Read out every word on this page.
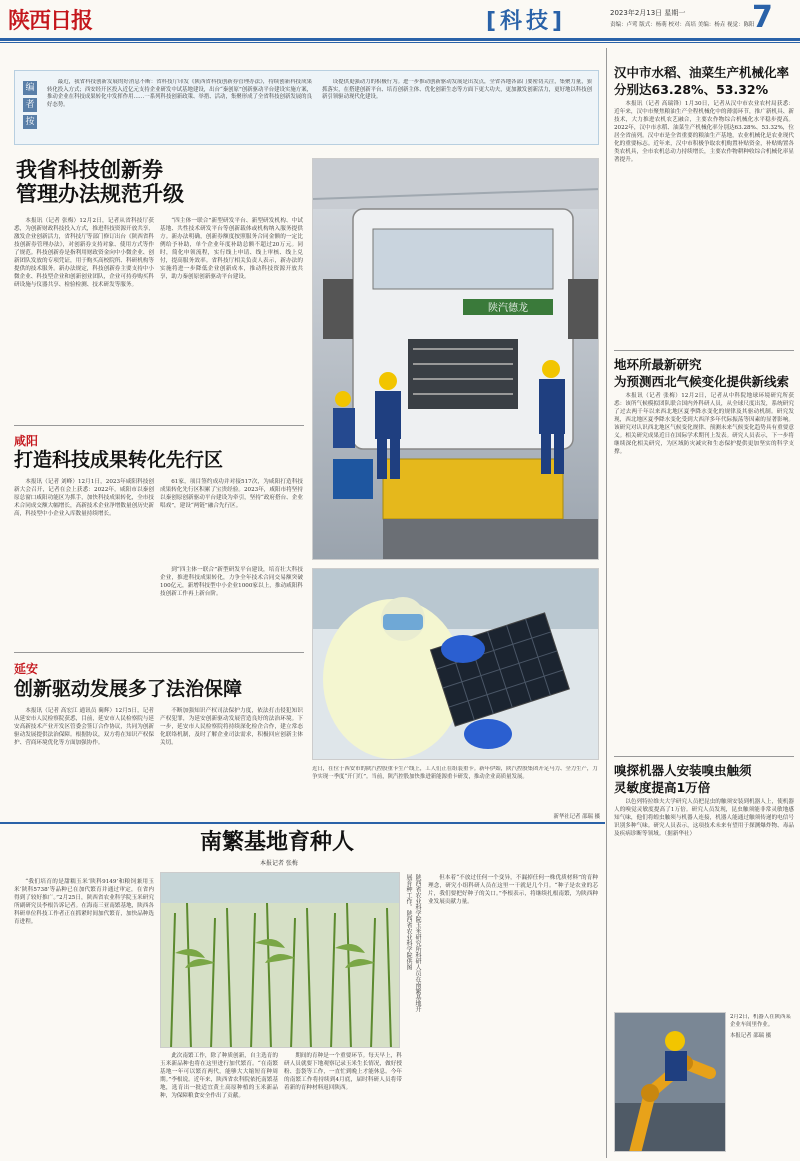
陕西日报	[科技]	2023年2月13日 星期一
责编：卢莺 版式：杨萌 校对：高培 美编：杨垚 视觉：陈阳
7
编
者
按

最近，我省科技创新发展的好消息不断：省科技厅印发《陕西省科技创新券管理办法》，持续创新科技成果转化投入方式；西安经开区投入近亿元支持企业研发中试基地建设，出台“秦创原”创新驱动平台建设实施方案，推动企业在科技成果转化中发挥作用……一系列科技创新政策、举措、活动，集聚形成了全省科技创新发展的良好态势。

设提供更强动力的积极行为。进一步推动创新驱动发展是出发点，全省各地各部门要密切关注，集聚力量，狠抓落实，在搭建创新平台、培育创新主体、优化创新生态等方面下更大功夫，更加激发创新活力，更好地以科技创新引领驱动现代化建设。

我省科技创新券
管理办法规范升级

本报讯（记者 张梅）12月2日，记者从省科技厅获悉，为创新财政科技投入方式，推进科技资源开放共享，激发企业创新活力，省科技厅等部门修订出台《陕西省科技创新券管理办法》，对创新券支持对象、使用方式等作了规范。科技创新券是指利用财政资金向中小微企业、创新团队发放的专项凭证，用于购买高校院所、科研机构等提供的技术服务。新办法规定，科技创新券主要支持中小微企业、科技型企业和创新创业团队，企业可持券购买科研设施与仪器共享、检验检测、技术研发等服务。

“四主体一联合”新型研发平台、新型研发机构、中试基地、共性技术研发平台等创新载体或机构纳入服务提供方。新办法明确，创新券额度按照服务合同金额的一定比例给予补助，单个企业年度补助总额不超过20万元。同时，简化申领流程，实行线上申请、线上审核、线上兑付，提高服务效率。省科技厅相关负责人表示，新办法的实施将进一步降低企业创新成本，推动科技资源开放共享，助力秦创原创新驱动平台建设。

陕汽德龙
咸阳
打造科技成果转化先行区

本报讯（记者 刘峰）12月1日，2023年咸阳科技创新大会召开，记者在会上获悉：2022年，咸阳市以秦创原总窗口咸阳功能区为抓手，加快科技成果转化，全市技术合同成交额大幅增长，高新技术企业净增数量创历史新高，科技型中小企业入库数量持续增长。

61家，项目签约成功并对接517次，为咸阳打造科技成果转化先行区积累了宝贵经验。2023年，咸阳市将坚持以秦创原创新驱动平台建设为牵引，坚持“政府搭台、企业唱戏”，建设“两链”融合先行区。

到“四主体一联合”新型研发平台建设，培育壮大科技企业，推进科技成果转化，力争全年技术合同交易额突破100亿元，新增科技型中小企业1000家以上，推动咸阳科技创新工作再上新台阶。

延安
创新驱动发展多了法治保障

本报讯（记者 高宏江 通讯员 蔺辉）12月5日，记者从延安市人民检察院获悉，目前，延安市人民检察院与延安高新技术产业开发区管委会签订合作协议，共同为创新驱动发展提供法治保障。根据协议，双方将在知识产权保护、营商环境优化等方面加强协作。

不断加强知识产权司法保护力度，依法打击侵犯知识产权犯罪，为延安创新驱动发展营造良好的法治环境。下一步，延安市人民检察院将持续深化检企合作，建立常态化联络机制，及时了解企业司法需求，积极回应创新主体关切。

近日，在位于西安市的陕汽控股重卡生产线上，工人们正在组装重卡。新年伊始，陕汽控股集团开足马力、全力生产，力争实现一季度“开门红”。当前，陕汽控股加快推进新能源重卡研发，推动企业高质量发展。
新华社记者 邵瑞 摄
南繁基地育种人
本报记者 张梅

“我们培育的是甜糯玉米‘陕科9149’和粮饲兼用玉米‘陕科5738’等品种已在加代繁育并通过审定，在省内得到了较好推广。”2月25日，陕西省农业科学院玉米研究所副研究员李根告诉记者。在海南三亚南繁基地，陕西各科研单位科技工作者正在抓紧时间加代繁育，加快品种选育进程。	陕西省农业科学院玉米研究所科研人员在南繁基地开展育种工作。陕西省农业科学院供图

此次南繁工作，除了种质创新，自主选育的玉米新品种也将在这里进行加代繁育。“在南繁基地一年可以繁育两代，能够大大缩短育种周期。”李根说。近年来，陕西省农科院依托南繁基地，选育出一批适宜黄土高原种植的玉米新品种，为保障粮食安全作出了贡献。

期间的育种是一个重要环节。每天早上，科研人员就要下地观察记录玉米生长情况，做好授粉、套袋等工作，一直忙到晚上才能休息。今年的南繁工作将持续到4月底，届时科研人员将带着新的育种材料返回陕西。

但本着“不放过任何一个变异，不漏掉任何一株优质材料”的育种理念，研究小组科研人员在这里一干就是几个月。“种子是农业的芯片，我们要把好种子的关口。”李根表示，将继续扎根南繁，为陕西种业发展贡献力量。

汉中市水稻、油菜生产机械化率
分别达63.28%、53.32%

本报讯（记者 高瑞锋）1月30日，记者从汉中市农业农村局获悉：近年来，汉中市聚焦粮油生产全程机械化中的薄弱环节，推广新机具、新技术，大力推进农机农艺融合，主要农作物综合机械化水平稳步提高。2022年，汉中市水稻、油菜生产机械化率分别达63.28%、53.32%，位居全省前列。汉中市是全省重要的粮油生产基地，农业机械化是农业现代化的重要标志。近年来，汉中市积极争取农机购置补贴资金，补贴购置各类农机具，全市农机总动力持续增长，主要农作物耕种收综合机械化率显著提升。

地环所最新研究
为预测西北气候变化提供新线索

本报讯（记者 张梅）12月2日，记者从中科院地球环境研究所获悉：该所气候模拟团队联合国内外科研人员，从全球尺度出发，系统研究了过去两千年以来西北地区夏季降水变化的规律及其驱动机制。研究发现，西北地区夏季降水变化受到大西洋多年代际振荡等因素的显著影响。该研究对认识西北地区气候变化规律、预测未来气候变化趋势具有重要意义。相关研究成果近日在国际学术期刊上发表。研究人员表示，下一步将继续深化相关研究，为区域防灾减灾和生态保护提供更加坚实的科学支撑。

嗅探机器人安装嗅虫触须
灵敏度提高1万倍

以色列特拉维夫大学研究人员把昆虫的触须安装到机器人上，使机器人的嗅觉灵敏度提高了1万倍。研究人员发现，昆虫触须能非常灵敏地感知气味，他们将蝗虫触须与机器人连接，机器人能通过触须传递的电信号识别多种气味。研究人员表示，这项技术未来有望用于探测爆炸物、毒品及疾病诊断等领域。（据新华社）

2月2日，机器人在陕西某企业车间里作业。
本报记者 邵瑞 摄
